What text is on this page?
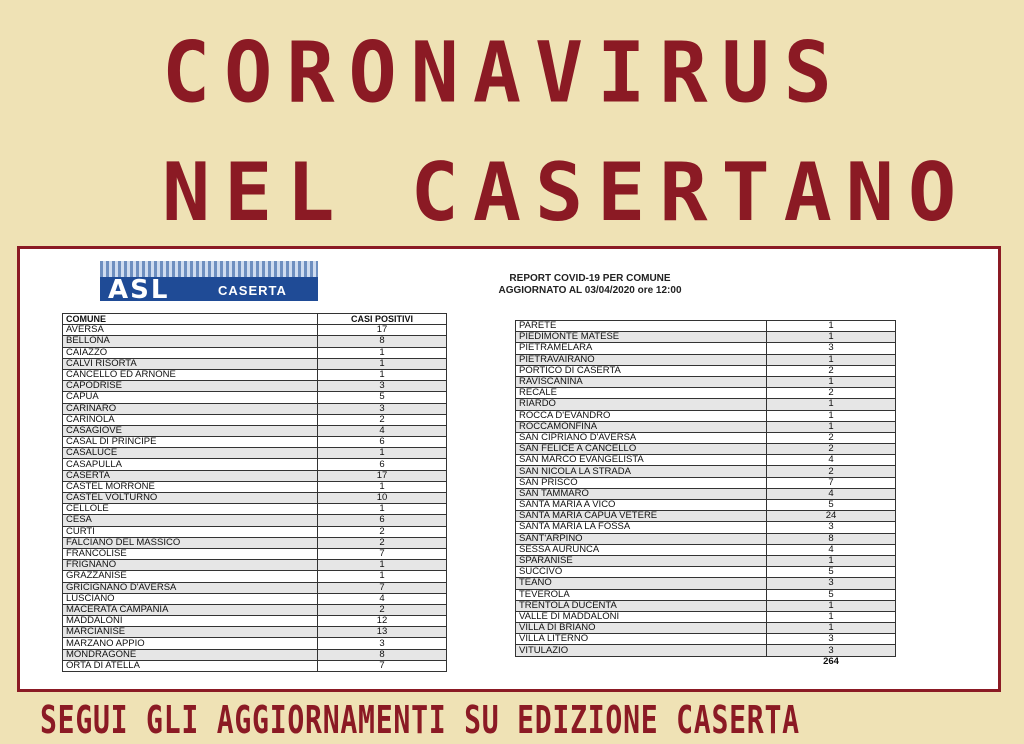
CORONAVIRUS
NEL CASERTANO
ASL	CASERTA
REPORT COVID-19 PER COMUNE
AGGIORNATO AL 03/04/2020 ore 12:00
COMUNE	CASI POSITIVI
AVERSA	17
BELLONA	8
CAIAZZO	1
CALVI RISORTA	1
CANCELLO ED ARNONE	1
CAPODRISE	3
CAPUA	5
CARINARO	3
CARINOLA	2
CASAGIOVE	4
CASAL DI PRINCIPE	6
CASALUCE	1
CASAPULLA	6
CASERTA	17
CASTEL MORRONE	1
CASTEL VOLTURNO	10
CELLOLE	1
CESA	6
CURTI	2
FALCIANO DEL MASSICO	2
FRANCOLISE	7
FRIGNANO	1
GRAZZANISE	1
GRICIGNANO D'AVERSA	7
LUSCIANO	4
MACERATA CAMPANIA	2
MADDALONI	12
MARCIANISE	13
MARZANO APPIO	3
MONDRAGONE	8
ORTA DI ATELLA	7
PARETE	1
PIEDIMONTE MATESE	1
PIETRAMELARA	3
PIETRAVAIRANO	1
PORTICO DI CASERTA	2
RAVISCANINA	1
RECALE	2
RIARDO	1
ROCCA D'EVANDRO	1
ROCCAMONFINA	1
SAN CIPRIANO D'AVERSA	2
SAN FELICE A CANCELLO	2
SAN MARCO EVANGELISTA	4
SAN NICOLA LA STRADA	2
SAN PRISCO	7
SAN TAMMARO	4
SANTA MARIA A VICO	5
SANTA MARIA CAPUA VETERE	24
SANTA MARIA LA FOSSA	3
SANT'ARPINO	8
SESSA AURUNCA	4
SPARANISE	1
SUCCIVO	5
TEANO	3
TEVEROLA	5
TRENTOLA DUCENTA	1
VALLE DI MADDALONI	1
VILLA DI BRIANO	1
VILLA LITERNO	3
VITULAZIO	3
	264
SEGUI GLI AGGIORNAMENTI SU EDIZIONE CASERTA
